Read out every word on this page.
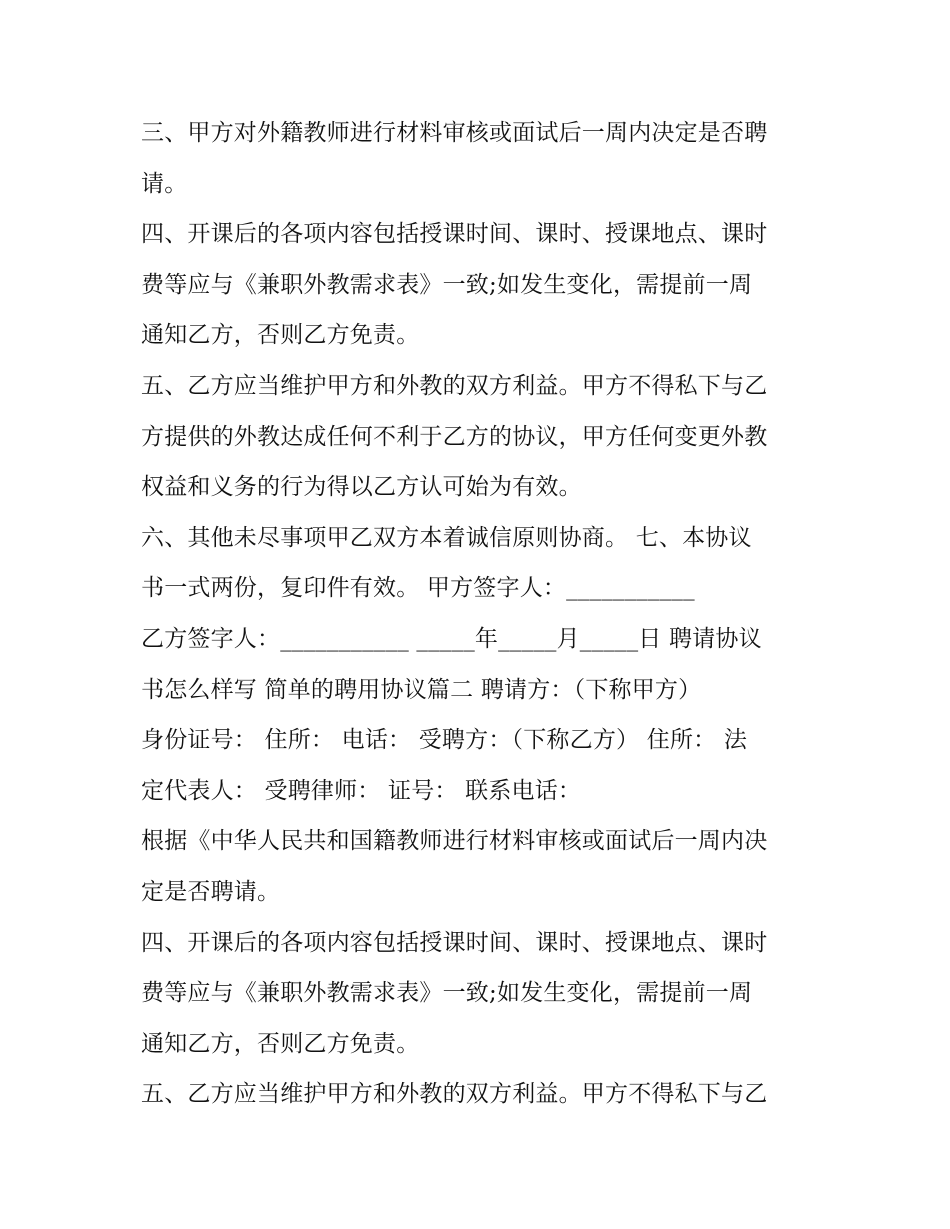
三、甲方对外籍教师进行材料审核或面试后一周内决定是否聘
请。
四、开课后的各项内容包括授课时间、课时、授课地点、课时
费等应与《兼职外教需求表》一致;如发生变化，需提前一周
通知乙方，否则乙方免责。
五、乙方应当维护甲方和外教的双方利益。甲方不得私下与乙
方提供的外教达成任何不利于乙方的协议，甲方任何变更外教
权益和义务的行为得以乙方认可始为有效。
六、其他未尽事项甲乙双方本着诚信原则协商。 七、本协议
书一式两份，复印件有效。 甲方签字人：___________
乙方签字人：___________ _____年_____月_____日 聘请协议
书怎么样写 简单的聘用协议篇二 聘请方：（下称甲方）
身份证号： 住所： 电话： 受聘方：（下称乙方） 住所： 法
定代表人： 受聘律师： 证号： 联系电话：
根据《中华人民共和国籍教师进行材料审核或面试后一周内决
定是否聘请。
四、开课后的各项内容包括授课时间、课时、授课地点、课时
费等应与《兼职外教需求表》一致;如发生变化，需提前一周
通知乙方，否则乙方免责。
五、乙方应当维护甲方和外教的双方利益。甲方不得私下与乙
